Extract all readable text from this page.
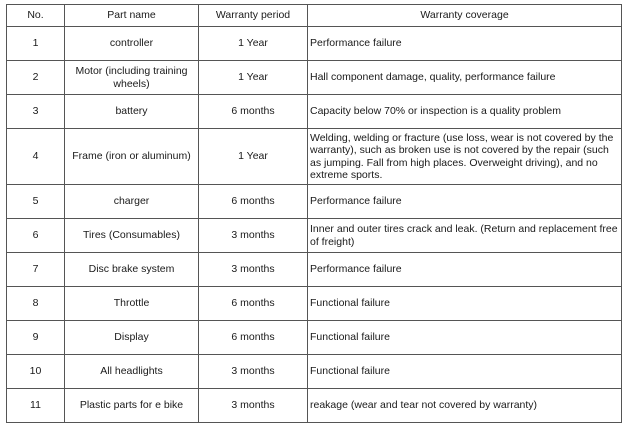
No.	Part name	Warranty period	Warranty coverage
1	controller	1 Year	Performance failure
2	Motor (including training wheels)	1 Year	Hall component damage, quality, performance failure
3	battery	6 months	Capacity below 70% or inspection is a quality problem
4	Frame (iron or aluminum)	1 Year	Welding, welding or fracture (use loss, wear is not covered by the warranty), such as broken use is not covered by the repair (such as jumping. Fall from high places. Overweight driving), and no extreme sports.
5	charger	6 months	Performance failure
6	Tires (Consumables)	3 months	Inner and outer tires crack and leak. (Return and replacement free of freight)
7	Disc brake system	3 months	Performance failure
8	Throttle	6 months	Functional failure
9	Display	6 months	Functional failure
10	All headlights	3 months	Functional failure
11	Plastic parts for e bike	3 months	reakage (wear and tear not covered by warranty)
